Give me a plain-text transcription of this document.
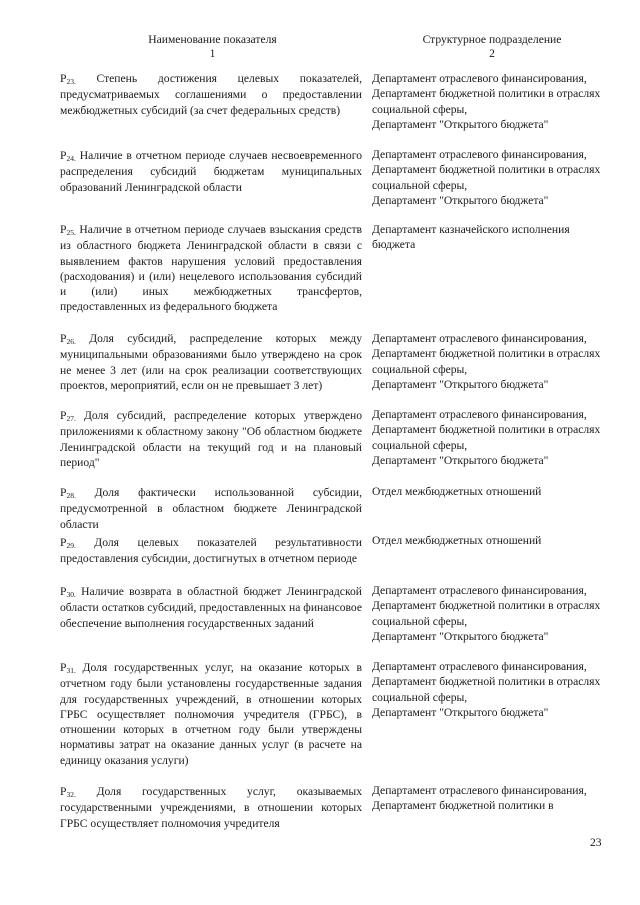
Наименование показателя	Структурное подразделение
1	2
$Р_{23.}$ Степень достижения целевых показателей, предусматриваемых соглашениями о предоставлении межбюджетных субсидий (за счет федеральных средств)
Департамент отраслевого финансирования,
Департамент бюджетной политики в отраслях социальной сферы,
Департамент "Открытого бюджета"
$Р_{24.}$ Наличие в отчетном периоде случаев несвоевременного распределения субсидий бюджетам муниципальных образований Ленинградской области
Департамент отраслевого финансирования,
Департамент бюджетной политики в отраслях социальной сферы,
Департамент "Открытого бюджета"
$Р_{25.}$ Наличие в отчетном периоде случаев взыскания средств из областного бюджета Ленинградской области в связи с выявлением фактов нарушения условий предоставления (расходования) и (или) нецелевого использования субсидий и (или) иных межбюджетных трансфертов, предоставленных из федерального бюджета
Департамент казначейского исполнения бюджета
$Р_{26.}$ Доля субсидий, распределение которых между муниципальными образованиями было утверждено на срок не менее 3 лет (или на срок реализации соответствующих проектов, мероприятий, если он не превышает 3 лет)
Департамент отраслевого финансирования,
Департамент бюджетной политики в отраслях социальной сферы,
Департамент "Открытого бюджета"
$Р_{27.}$ Доля субсидий, распределение которых утверждено приложениями к областному закону "Об областном бюджете Ленинградской области на текущий год и на плановый период"
Департамент отраслевого финансирования,
Департамент бюджетной политики в отраслях социальной сферы,
Департамент "Открытого бюджета"
$Р_{28.}$ Доля фактически использованной субсидии, предусмотренной в областном бюджете Ленинградской области
Отдел межбюджетных отношений
$Р_{29.}$ Доля целевых показателей результативности предоставления субсидии, достигнутых в отчетном периоде
Отдел межбюджетных отношений
$Р_{30.}$ Наличие возврата в областной бюджет Ленинградской области остатков субсидий, предоставленных на финансовое обеспечение выполнения государственных заданий
Департамент отраслевого финансирования,
Департамент бюджетной политики в отраслях социальной сферы,
Департамент "Открытого бюджета"
$Р_{31.}$ Доля государственных услуг, на оказание которых в отчетном году были установлены государственные задания для государственных учреждений, в отношении которых ГРБС осуществляет полномочия учредителя (ГРБС), в отношении которых в отчетном году были утверждены нормативы затрат на оказание данных услуг (в расчете на единицу оказания услуги)
Департамент отраслевого финансирования,
Департамент бюджетной политики в отраслях социальной сферы,
Департамент "Открытого бюджета"
$Р_{32.}$ Доля государственных услуг, оказываемых государственными учреждениями, в отношении которых ГРБС осуществляет полномочия учредителя
Департамент отраслевого финансирования,
Департамент бюджетной политики в
23
